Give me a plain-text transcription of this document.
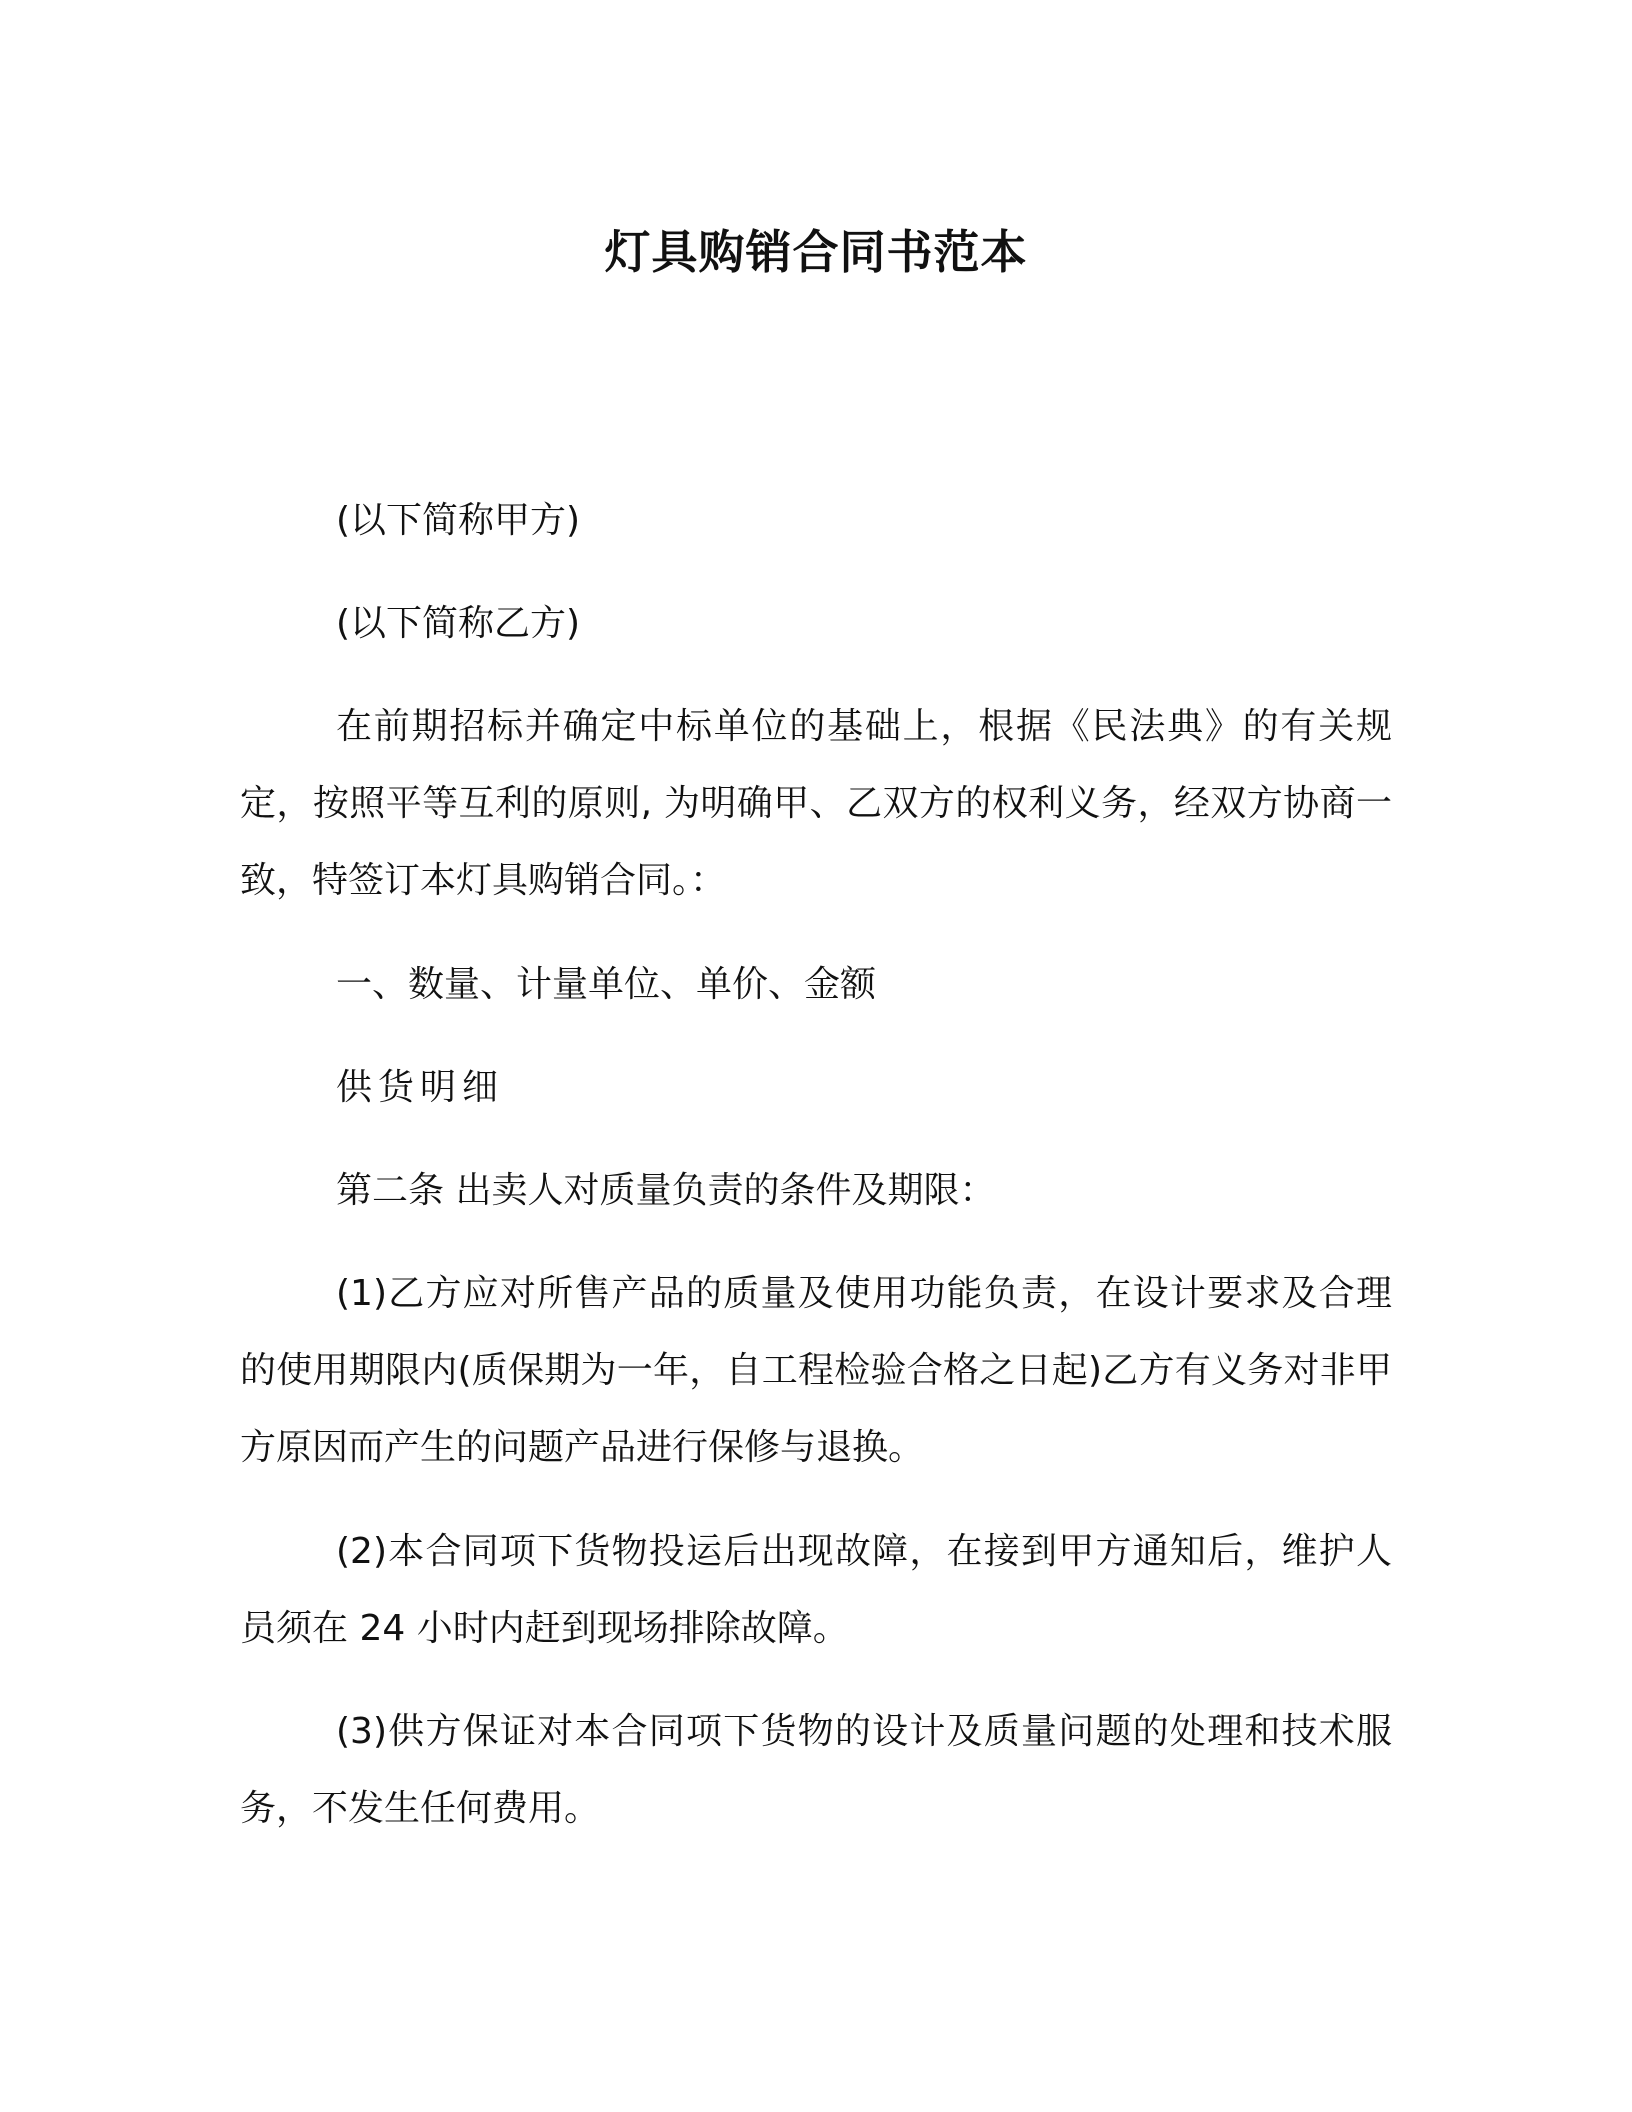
灯具购销合同书范本

(以下简称甲方)

(以下简称乙方)

在前期招标并确定中标单位的基础上，根据《民法典》的有关规定，按照平等互利的原则, 为明确甲、乙双方的权利义务，经双方协商一致，特签订本灯具购销合同。：

一、数量、计量单位、单价、金额

供货明细

第二条 出卖人对质量负责的条件及期限：

(1)乙方应对所售产品的质量及使用功能负责，在设计要求及合理的使用期限内(质保期为一年，自工程检验合格之日起)乙方有义务对非甲方原因而产生的问题产品进行保修与退换。

(2)本合同项下货物投运后出现故障，在接到甲方通知后，维护人员须在 24 小时内赶到现场排除故障。

(3)供方保证对本合同项下货物的设计及质量问题的处理和技术服务，不发生任何费用。
